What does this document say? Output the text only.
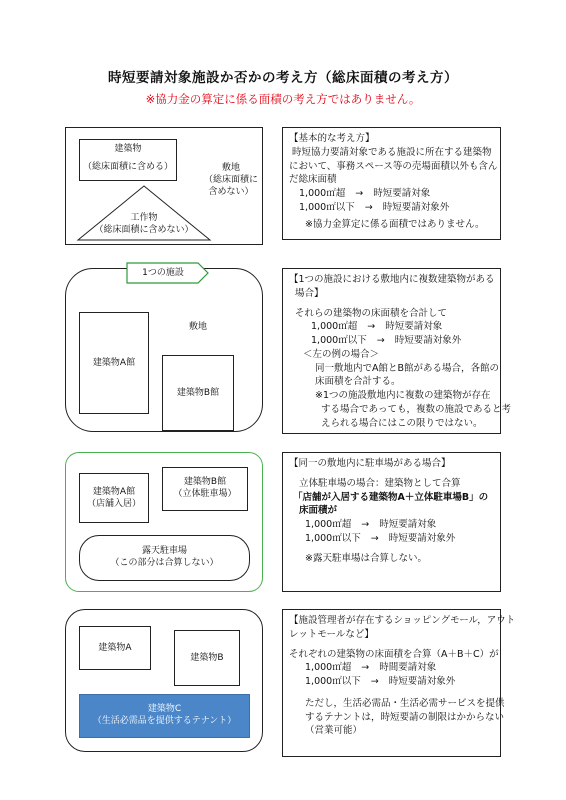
時短要請対象施設か否かの考え方（総床面積の考え方）
※協力金の算定に係る面積の考え方ではありません。
建築物
（総床面積に含める）	敷地
（総床面積に
含めない）
工作物
（総床面積に含めない）
【基本的な考え方】
時短協力要請対象である施設に所在する建築物
において、事務スペース等の売場面積以外も含ん
だ総床面積
1,000㎡超 → 時短要請対象
1,000㎡以下 → 時短要請対象外
※協力金算定に係る面積ではありません。
敷地
建築物A館
建築物B館
1つの施設
【1つの施設における敷地内に複数建築物がある
場合】
それらの建築物の床面積を合計して
1,000㎡超 → 時短要請対象
1,000㎡以下 → 時短要請対象外
＜左の例の場合＞
同一敷地内でA館とB館がある場合，各館の
床面積を合計する。
※1つの施設敷地内に複数の建築物が存在
する場合であっても，複数の施設であると考
えられる場合にはこの限りではない。
建築物A館
（店舗入居）
建築物B館
（立体駐車場）
露天駐車場
（この部分は合算しない）
【同一の敷地内に駐車場がある場合】
立体駐車場の場合：建築物として合算
「店舗が入居する建築物A＋立体駐車場B」の
床面積が
1,000㎡超 → 時短要請対象
1,000㎡以下 → 時短要請対象外
※露天駐車場は合算しない。
建築物A
建築物B
建築物C
（生活必需品を提供するテナント）
【施設管理者が存在するショッピングモール，アウト
レットモールなど】
それぞれの建築物の床面積を合算（A＋B＋C）が
1,000㎡超 → 時間要請対象
1,000㎡以下 → 時短要請対象外
ただし，生活必需品・生活必需サービスを提供
するテナントは，時短要請の制限はかからない
（営業可能）
